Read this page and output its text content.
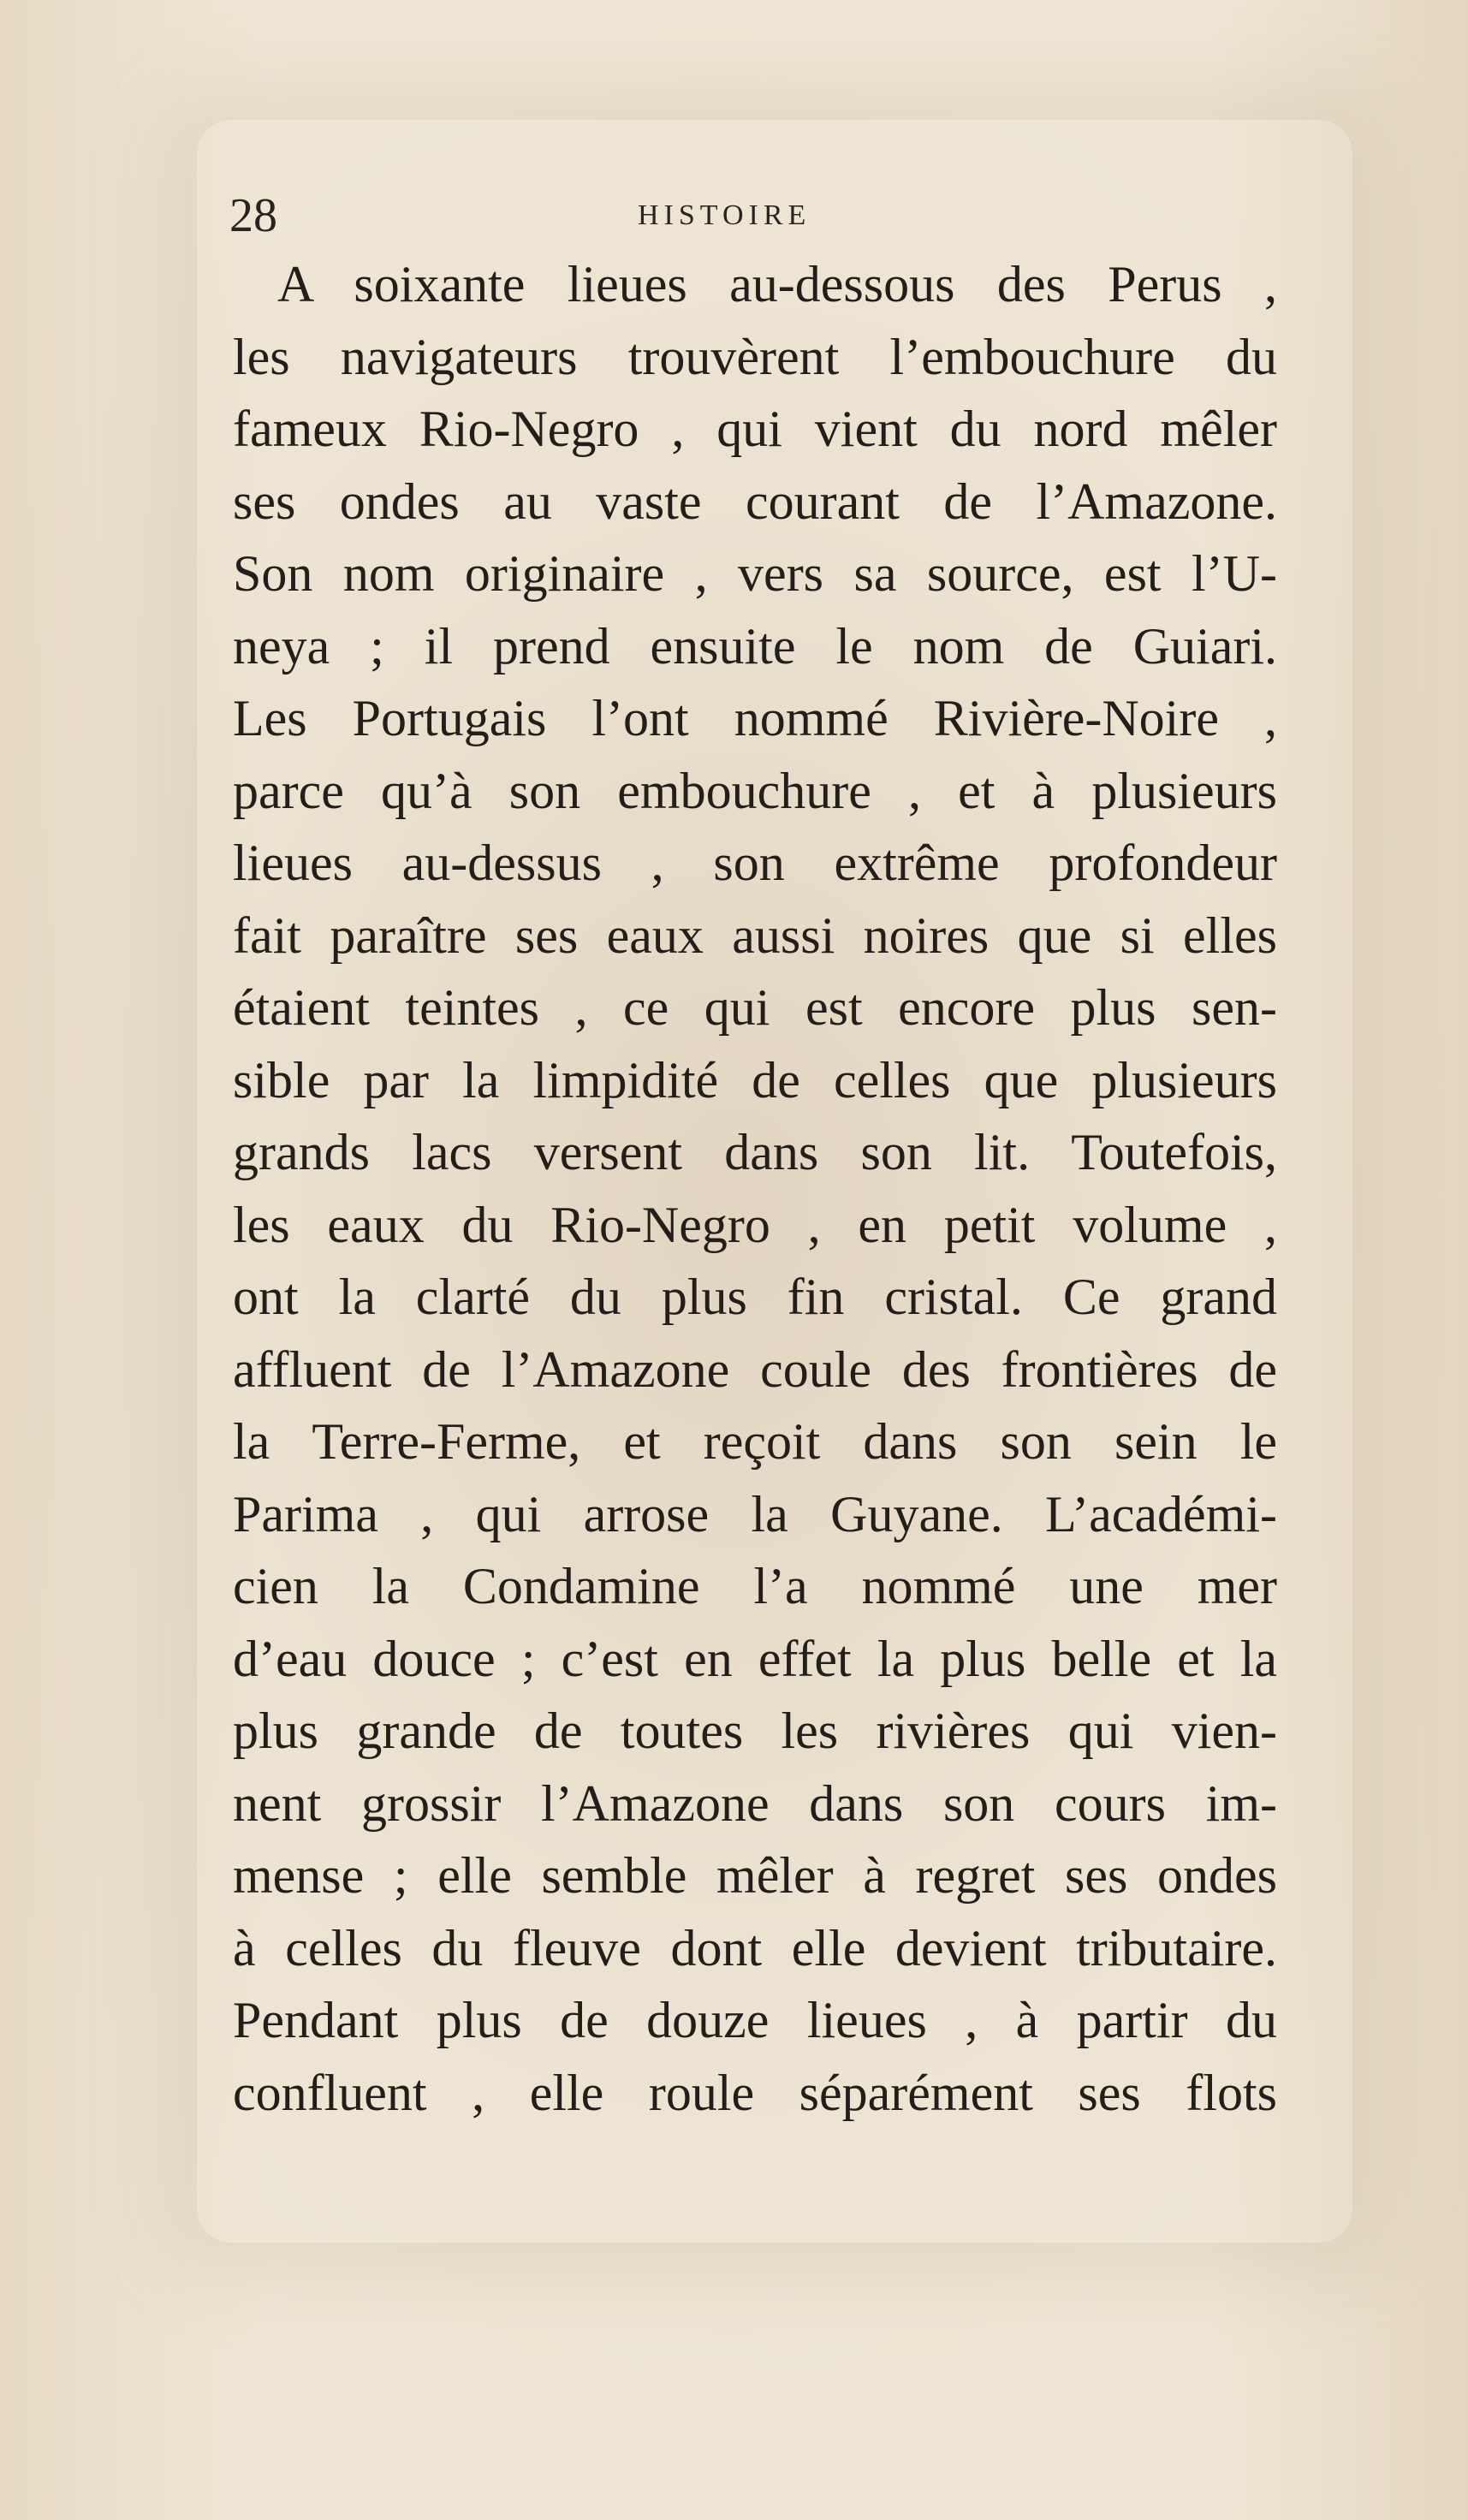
28	HISTOIRE
A soixante lieues au-dessous des Perus ,
les navigateurs trouvèrent l’embouchure du
fameux Rio-Negro , qui vient du nord mêler
ses ondes au vaste courant de l’Amazone.
Son nom originaire , vers sa source, est l’U-
neya ; il prend ensuite le nom de Guiari.
Les Portugais l’ont nommé Rivière-Noire ,
parce qu’à son embouchure , et à plusieurs
lieues au-dessus , son extrême profondeur
fait paraître ses eaux aussi noires que si elles
étaient teintes , ce qui est encore plus sen-
sible par la limpidité de celles que plusieurs
grands lacs versent dans son lit. Toutefois,
les eaux du Rio-Negro , en petit volume ,
ont la clarté du plus fin cristal. Ce grand
affluent de l’Amazone coule des frontières de
la Terre-Ferme, et reçoit dans son sein le
Parima , qui arrose la Guyane. L’académi-
cien la Condamine l’a nommé une mer
d’eau douce ; c’est en effet la plus belle et la
plus grande de toutes les rivières qui vien-
nent grossir l’Amazone dans son cours im-
mense ; elle semble mêler à regret ses ondes
à celles du fleuve dont elle devient tributaire.
Pendant plus de douze lieues , à partir du
confluent , elle roule séparément ses flots
